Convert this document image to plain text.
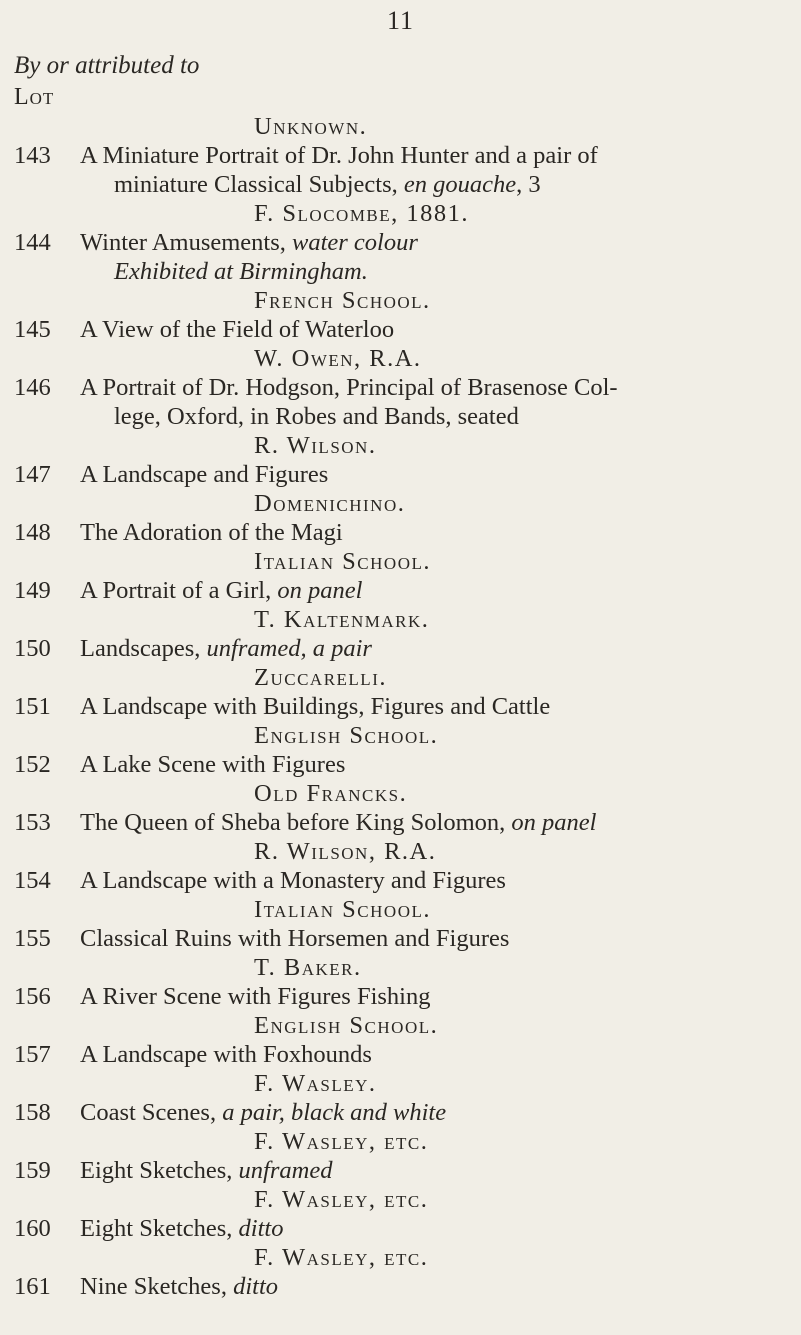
11
By or attributed to
Lot
Unknown.
143	A Miniature Portrait of Dr. John Hunter and a pair of
miniature Classical Subjects, en gouache, 3
F. Slocombe, 1881.
144	Winter Amusements, water colour
Exhibited at Birmingham.
French School.
145	A View of the Field of Waterloo
W. Owen, R.A.
146	A Portrait of Dr. Hodgson, Principal of Brasenose Col-
lege, Oxford, in Robes and Bands, seated
R. Wilson.
147	A Landscape and Figures
Domenichino.
148	The Adoration of the Magi
Italian School.
149	A Portrait of a Girl, on panel
T. Kaltenmark.
150	Landscapes, unframed, a pair
Zuccarelli.
151	A Landscape with Buildings, Figures and Cattle
English School.
152	A Lake Scene with Figures
Old Francks.
153	The Queen of Sheba before King Solomon, on panel
R. Wilson, R.A.
154	A Landscape with a Monastery and Figures
Italian School.
155	Classical Ruins with Horsemen and Figures
T. Baker.
156	A River Scene with Figures Fishing
English School.
157	A Landscape with Foxhounds
F. Wasley.
158	Coast Scenes, a pair, black and white
F. Wasley, etc.
159	Eight Sketches, unframed
F. Wasley, etc.
160	Eight Sketches, ditto
F. Wasley, etc.
161	Nine Sketches, ditto
